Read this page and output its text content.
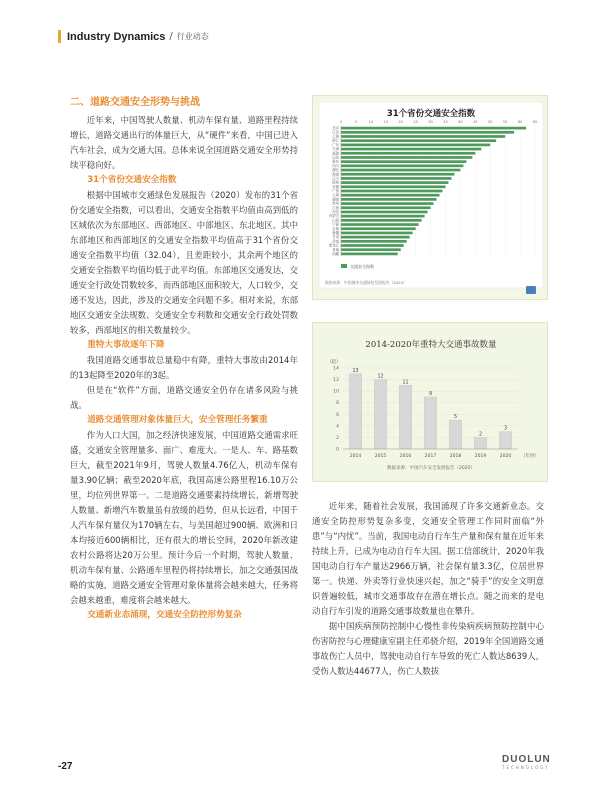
Industry Dynamics / 行业动态
二、道路交通安全形势与挑战

近年来，中国驾驶人数量、机动车保有量、道路里程持续增长，道路交通出行的体量巨大，从“硬件”来看，中国已进入汽车社会，成为交通大国。总体来说全国道路交通安全形势持续平稳向好。

31个省份交通安全指数

根据中国城市交通绿色发展报告（2020）发布的31个省份交通安全指数，可以看出，交通安全指数平均值由高到低的区域依次为东部地区、西部地区、中部地区、东北地区。其中东部地区和西部地区的交通安全指数平均值高于31个省份交通安全指数平均值（32.04），且差距较小，其余两个地区的交通安全指数平均值均低于此平均值。东部地区交通发达，交通安全行政处罚数较多，而西部地区面积较大，人口较少，交通不发达，因此，涉及的交通安全问题不多。相对来说，东部地区交通安全法规数、交通安全专利数和交通安全行政处罚数较多，西部地区的相关数量较少。

重特大事故逐年下降

我国道路交通事故总量稳中有降，重特大事故由2014年的13起降至2020年的3起。

但是在“软件”方面，道路交通安全仍存在诸多风险与挑战。

道路交通管理对象体量巨大，安全管理任务繁重

作为人口大国，加之经济快速发展，中国道路交通需求旺盛，交通安全管理量多、面广、难度大。一是人、车、路基数巨大，截至2021年9月，驾驶人数量4.76亿人，机动车保有量3.90亿辆；截至2020年底，我国高速公路里程16.10万公里，均位列世界第一。二是道路交通要素持续增长，新增驾驶人数量、新增汽车数量虽有放缓的趋势，但从长远看，中国千人汽车保有量仅为170辆左右，与美国超过900辆、欧洲和日本均接近600辆相比，还有很大的增长空间，2020年新改建农村公路将达20万公里。预计今后一个时期，驾驶人数量、机动车保有量、公路通车里程仍将持续增长，加之交通强国战略的实施，道路交通安全管理对象体量将会越来越大，任务将会越来越重，难度将会越来越大。

交通新业态涌现，交通安全防控形势复杂
31个省份交通安全指数
0	5	10	15	20	25	30	35	40	45	50	55	60	65
北京
江苏
上海
浙江
广东
天津
福建
山东
重庆
四川
湖北
海南
辽宁
陕西
安徽
广西
云南
湖南
贵州
江西
河北
内蒙古
山西
宁夏
吉林
新疆
甘肃
河南
黑龙江
青海
西藏
交通安全指数
数据来源：中国城市交通绿色发展报告（2020）
2014-2020年重特大交通事故数量
（起）
0
2
4
6
8
10
12
14	13
2014
12
2015
11
2016
9
2017
5
2018
2
2019
3
2020 （年份）
数据来源：中国汽车安全发展报告（2020）

近年来，随着社会发展，我国涌现了许多交通新业态。交通安全防控形势复杂多变，交通安全管理工作同时面临“外患”与“内忧”。当前，我国电动自行车生产量和保有量在近年来持续上升，已成为电动自行车大国。据工信部统计，2020年我国电动自行车产量达2966万辆，社会保有量3.3亿，位居世界第一。快递、外卖等行业快速兴起，加之“骑手”的安全文明意识普遍较低，城市交通事故存在潜在增长点。随之而来的是电动自行车引发的道路交通事故数量也在攀升。

据中国疾病预防控制中心慢性非传染病疾病预防控制中心伤害防控与心理健康室副主任邓骁介绍，2019年全国道路交通事故伤亡人员中，驾驶电动自行车导致的死亡人数达8639人，受伤人数达44677人，伤亡人数拔

-27
DUOLUN
TECHNOLOGY
